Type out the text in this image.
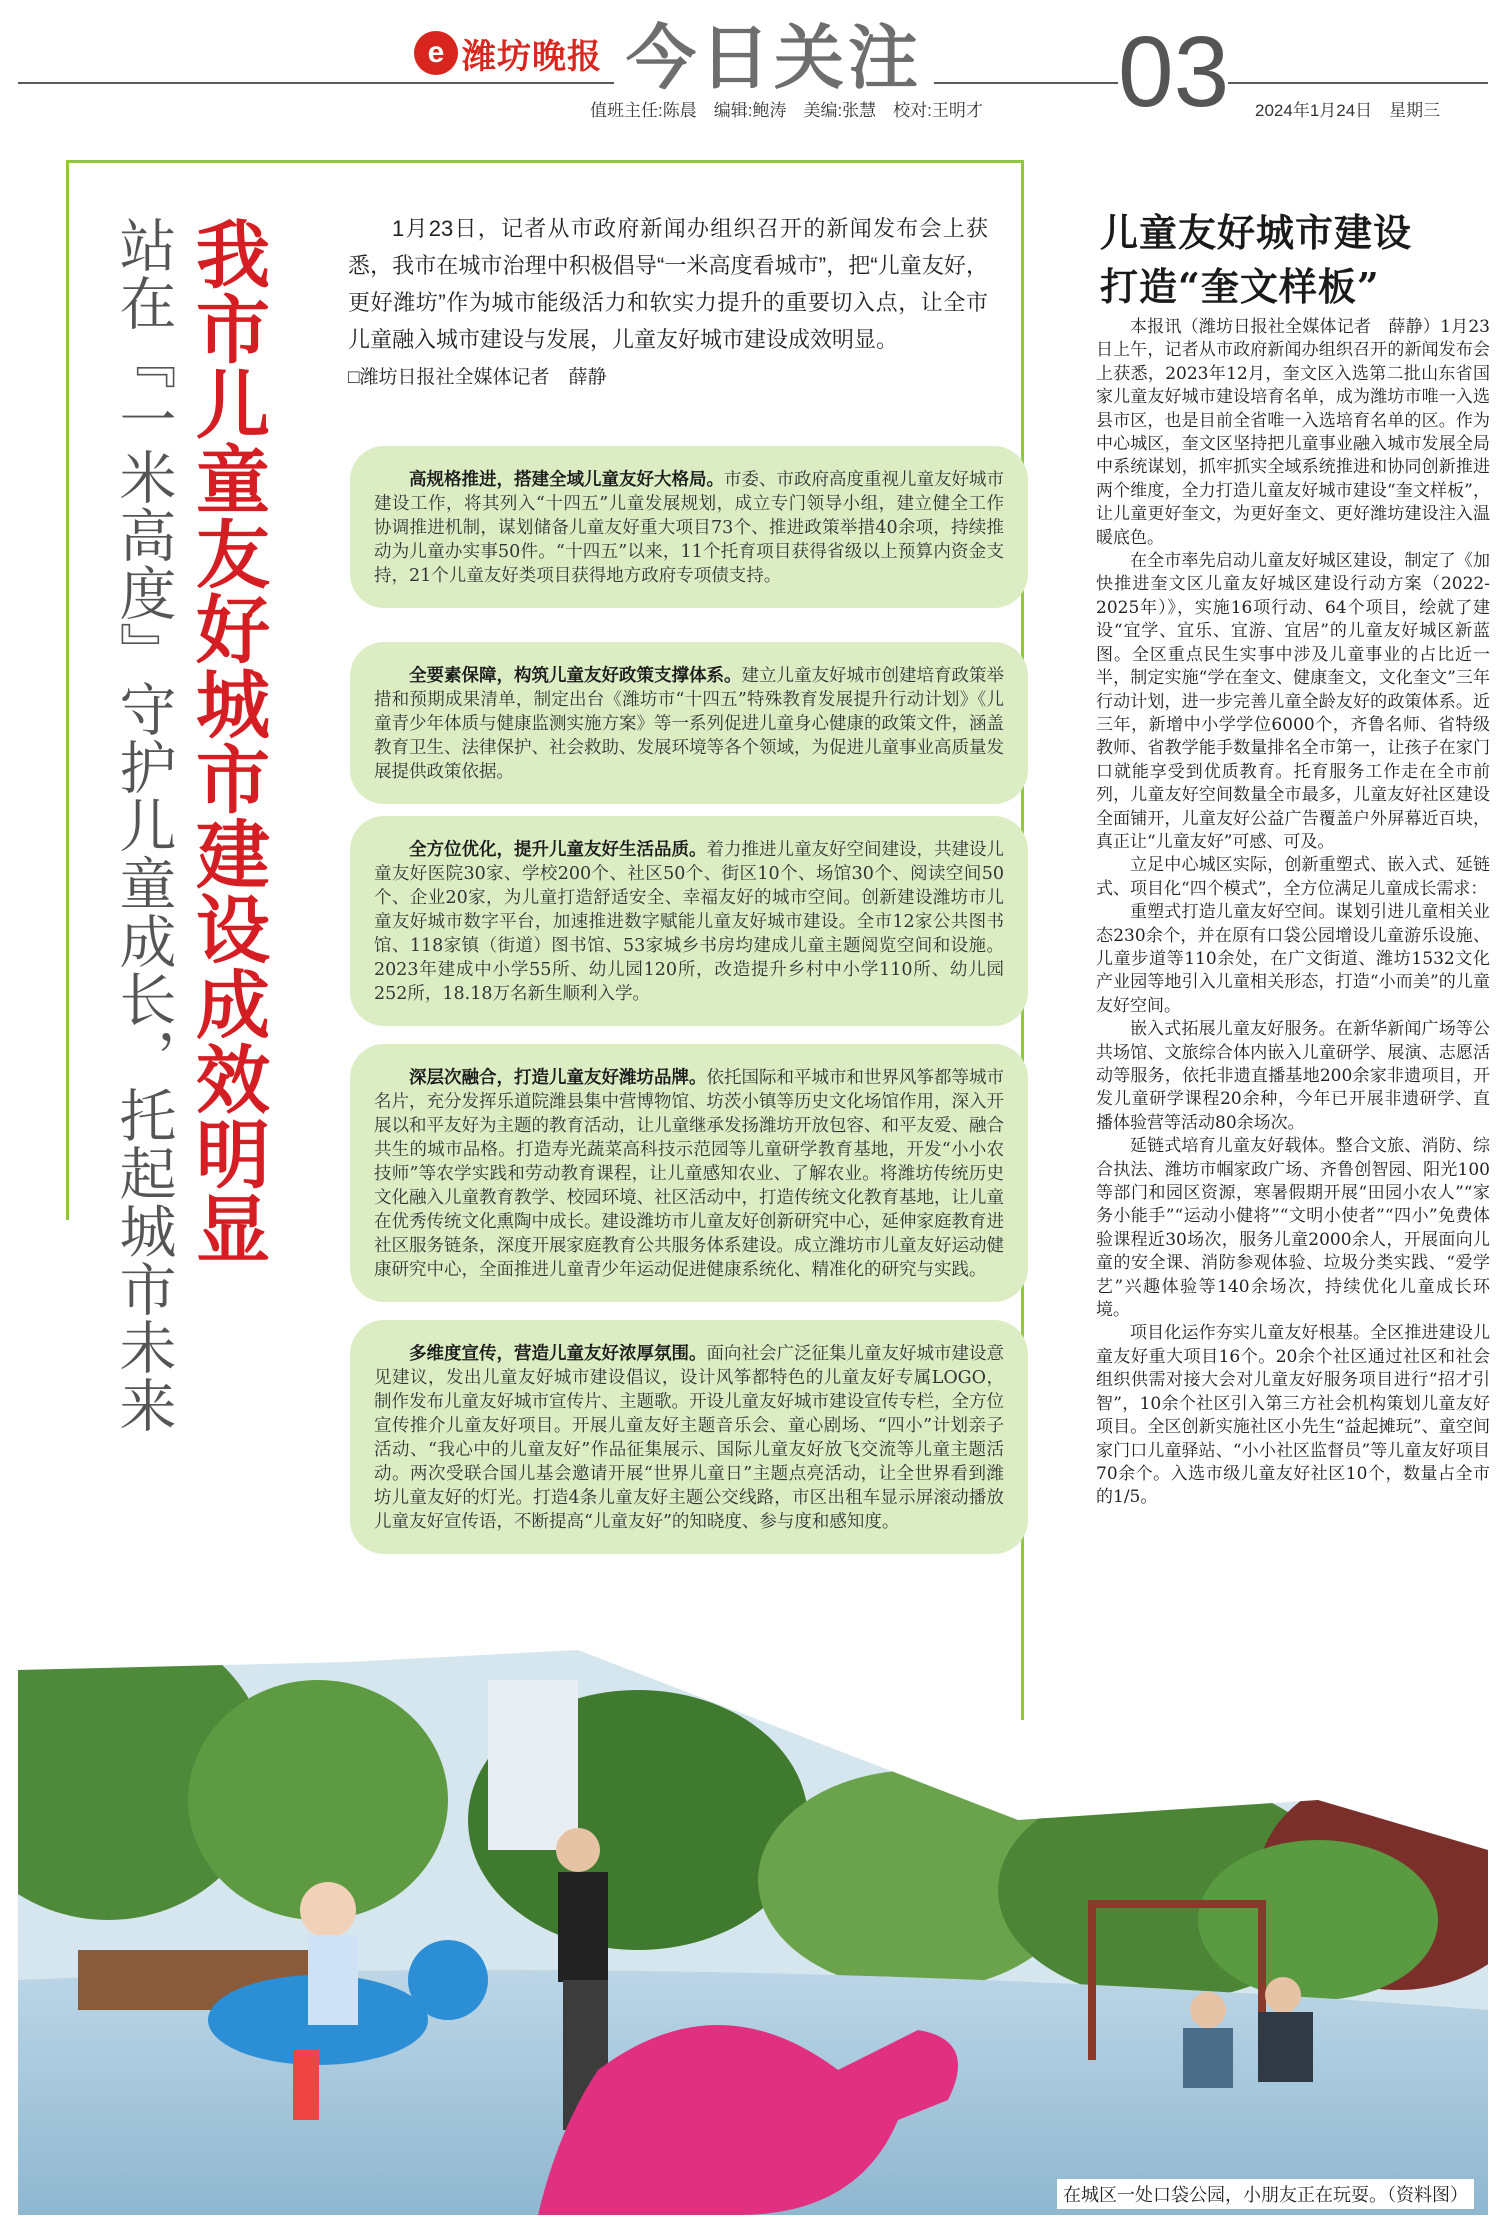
e 潍坊晚报 今日关注 03
值班主任:陈晨　编辑:鲍涛　美编:张慧　校对:王明才	2024年1月24日　星期三
我市儿童友好城市建设成效明显
站在『一米高度』守护儿童成长，托起城市未来	1月23日，记者从市政府新闻办组织召开的新闻发布会上获悉，我市在城市治理中积极倡导“一米高度看城市”，把“儿童友好，更好潍坊”作为城市能级活力和软实力提升的重要切入点，让全市儿童融入城市建设与发展，儿童友好城市建设成效明显。
□潍坊日报社全媒体记者　薛静
高规格推进，搭建全域儿童友好大格局。市委、市政府高度重视儿童友好城市建设工作，将其列入“十四五”儿童发展规划，成立专门领导小组，建立健全工作协调推进机制，谋划储备儿童友好重大项目73个、推进政策举措40余项，持续推动为儿童办实事50件。“十四五”以来，11个托育项目获得省级以上预算内资金支持，21个儿童友好类项目获得地方政府专项债支持。
全要素保障，构筑儿童友好政策支撑体系。建立儿童友好城市创建培育政策举措和预期成果清单，制定出台《潍坊市“十四五”特殊教育发展提升行动计划》《儿童青少年体质与健康监测实施方案》等一系列促进儿童身心健康的政策文件，涵盖教育卫生、法律保护、社会救助、发展环境等各个领域，为促进儿童事业高质量发展提供政策依据。
全方位优化，提升儿童友好生活品质。着力推进儿童友好空间建设，共建设儿童友好医院30家、学校200个、社区50个、街区10个、场馆30个、阅读空间50个、企业20家，为儿童打造舒适安全、幸福友好的城市空间。创新建设潍坊市儿童友好城市数字平台，加速推进数字赋能儿童友好城市建设。全市12家公共图书馆、118家镇（街道）图书馆、53家城乡书房均建成儿童主题阅览空间和设施。2023年建成中小学55所、幼儿园120所，改造提升乡村中小学110所、幼儿园252所，18.18万名新生顺利入学。
深层次融合，打造儿童友好潍坊品牌。依托国际和平城市和世界风筝都等城市名片，充分发挥乐道院潍县集中营博物馆、坊茨小镇等历史文化场馆作用，深入开展以和平友好为主题的教育活动，让儿童继承发扬潍坊开放包容、和平友爱、融合共生的城市品格。打造寿光蔬菜高科技示范园等儿童研学教育基地，开发“小小农技师”等农学实践和劳动教育课程，让儿童感知农业、了解农业。将潍坊传统历史文化融入儿童教育教学、校园环境、社区活动中，打造传统文化教育基地，让儿童在优秀传统文化熏陶中成长。建设潍坊市儿童友好创新研究中心，延伸家庭教育进社区服务链条，深度开展家庭教育公共服务体系建设。成立潍坊市儿童友好运动健康研究中心，全面推进儿童青少年运动促进健康系统化、精准化的研究与实践。
多维度宣传，营造儿童友好浓厚氛围。面向社会广泛征集儿童友好城市建设意见建议，发出儿童友好城市建设倡议，设计风筝都特色的儿童友好专属LOGO，制作发布儿童友好城市宣传片、主题歌。开设儿童友好城市建设宣传专栏，全方位宣传推介儿童友好项目。开展儿童友好主题音乐会、童心剧场、“四小”计划亲子活动、“我心中的儿童友好”作品征集展示、国际儿童友好放飞交流等儿童主题活动。两次受联合国儿基会邀请开展“世界儿童日”主题点亮活动，让全世界看到潍坊儿童友好的灯光。打造4条儿童友好主题公交线路，市区出租车显示屏滚动播放儿童友好宣传语，不断提高“儿童友好”的知晓度、参与度和感知度。
儿童友好城市建设
打造“奎文样板”

本报讯（潍坊日报社全媒体记者　薛静）1月23日上午，记者从市政府新闻办组织召开的新闻发布会上获悉，2023年12月，奎文区入选第二批山东省国家儿童友好城市建设培育名单，成为潍坊市唯一入选县市区，也是目前全省唯一入选培育名单的区。作为中心城区，奎文区坚持把儿童事业融入城市发展全局中系统谋划，抓牢抓实全域系统推进和协同创新推进两个维度，全力打造儿童友好城市建设“奎文样板”，让儿童更好奎文，为更好奎文、更好潍坊建设注入温暖底色。

在全市率先启动儿童友好城区建设，制定了《加快推进奎文区儿童友好城区建设行动方案（2022-2025年）》，实施16项行动、64个项目，绘就了建设“宜学、宜乐、宜游、宜居”的儿童友好城区新蓝图。全区重点民生实事中涉及儿童事业的占比近一半，制定实施“学在奎文、健康奎文，文化奎文”三年行动计划，进一步完善儿童全龄友好的政策体系。近三年，新增中小学学位6000个，齐鲁名师、省特级教师、省教学能手数量排名全市第一，让孩子在家门口就能享受到优质教育。托育服务工作走在全市前列，儿童友好空间数量全市最多，儿童友好社区建设全面铺开，儿童友好公益广告覆盖户外屏幕近百块，真正让“儿童友好”可感、可及。

立足中心城区实际，创新重塑式、嵌入式、延链式、项目化“四个模式”，全方位满足儿童成长需求：

重塑式打造儿童友好空间。谋划引进儿童相关业态230余个，并在原有口袋公园增设儿童游乐设施、儿童步道等110余处，在广文街道、潍坊1532文化产业园等地引入儿童相关形态，打造“小而美”的儿童友好空间。

嵌入式拓展儿童友好服务。在新华新闻广场等公共场馆、文旅综合体内嵌入儿童研学、展演、志愿活动等服务，依托非遗直播基地200余家非遗项目，开发儿童研学课程20余种，今年已开展非遗研学、直播体验营等活动80余场次。

延链式培育儿童友好载体。整合文旅、消防、综合执法、潍坊市帼家政广场、齐鲁创智园、阳光100等部门和园区资源，寒暑假期开展“田园小农人”“家务小能手”“运动小健将”“文明小使者”“四小”免费体验课程近30场次，服务儿童2000余人，开展面向儿童的安全课、消防参观体验、垃圾分类实践、“爱学艺”兴趣体验等140余场次，持续优化儿童成长环境。

项目化运作夯实儿童友好根基。全区推进建设儿童友好重大项目16个。20余个社区通过社区和社会组织供需对接大会对儿童友好服务项目进行“招才引智”，10余个社区引入第三方社会机构策划儿童友好项目。全区创新实施社区小先生“益起摊玩”、童空间家门口儿童驿站、“小小社区监督员”等儿童友好项目70余个。入选市级儿童友好社区10个，数量占全市的1/5。

在城区一处口袋公园，小朋友正在玩耍。（资料图）
